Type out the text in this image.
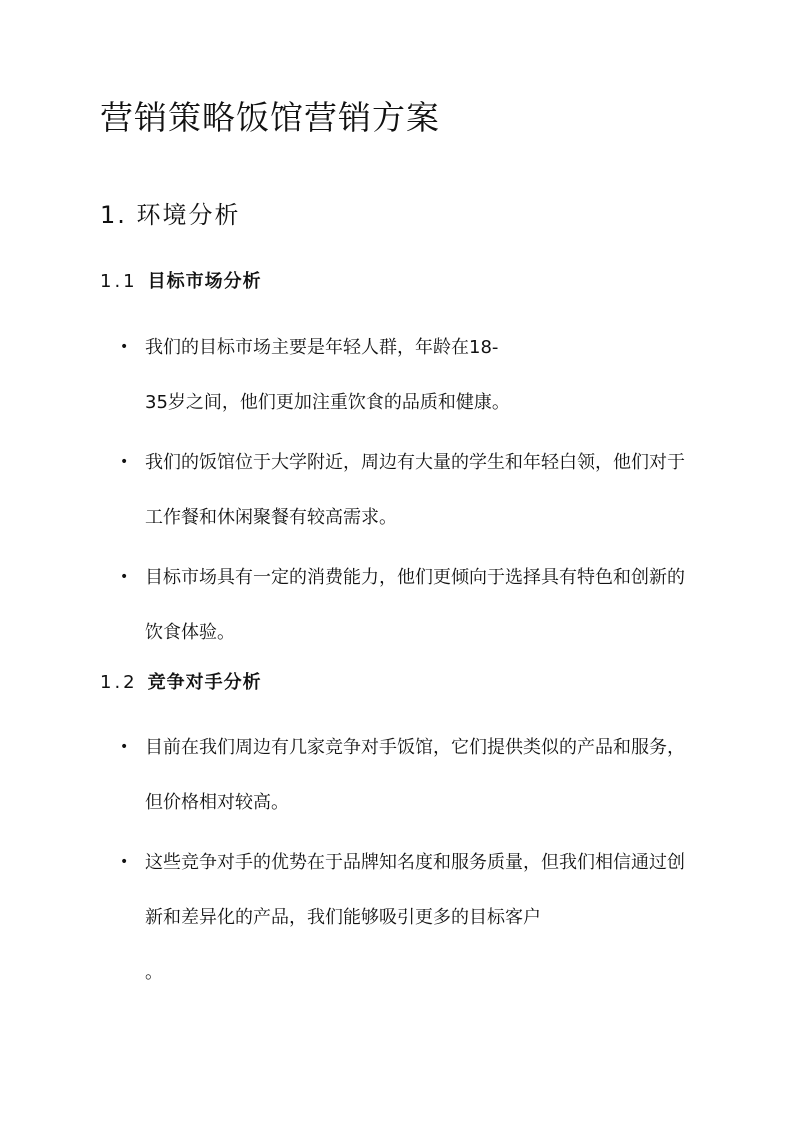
营销策略饭馆营销方案
1. 环境分析
1.1 目标市场分析
• 我们的目标市场主要是年轻人群，年龄在18-
35岁之间，他们更加注重饮食的品质和健康。
• 我们的饭馆位于大学附近，周边有大量的学生和年轻白领，他们对于工作餐和休闲聚餐有较高需求。
• 目标市场具有一定的消费能力，他们更倾向于选择具有特色和创新的饮食体验。
1.2 竞争对手分析
• 目前在我们周边有几家竞争对手饭馆，它们提供类似的产品和服务，但价格相对较高。
• 这些竞争对手的优势在于品牌知名度和服务质量，但我们相信通过创新和差异化的产品，我们能够吸引更多的目标客户
。
